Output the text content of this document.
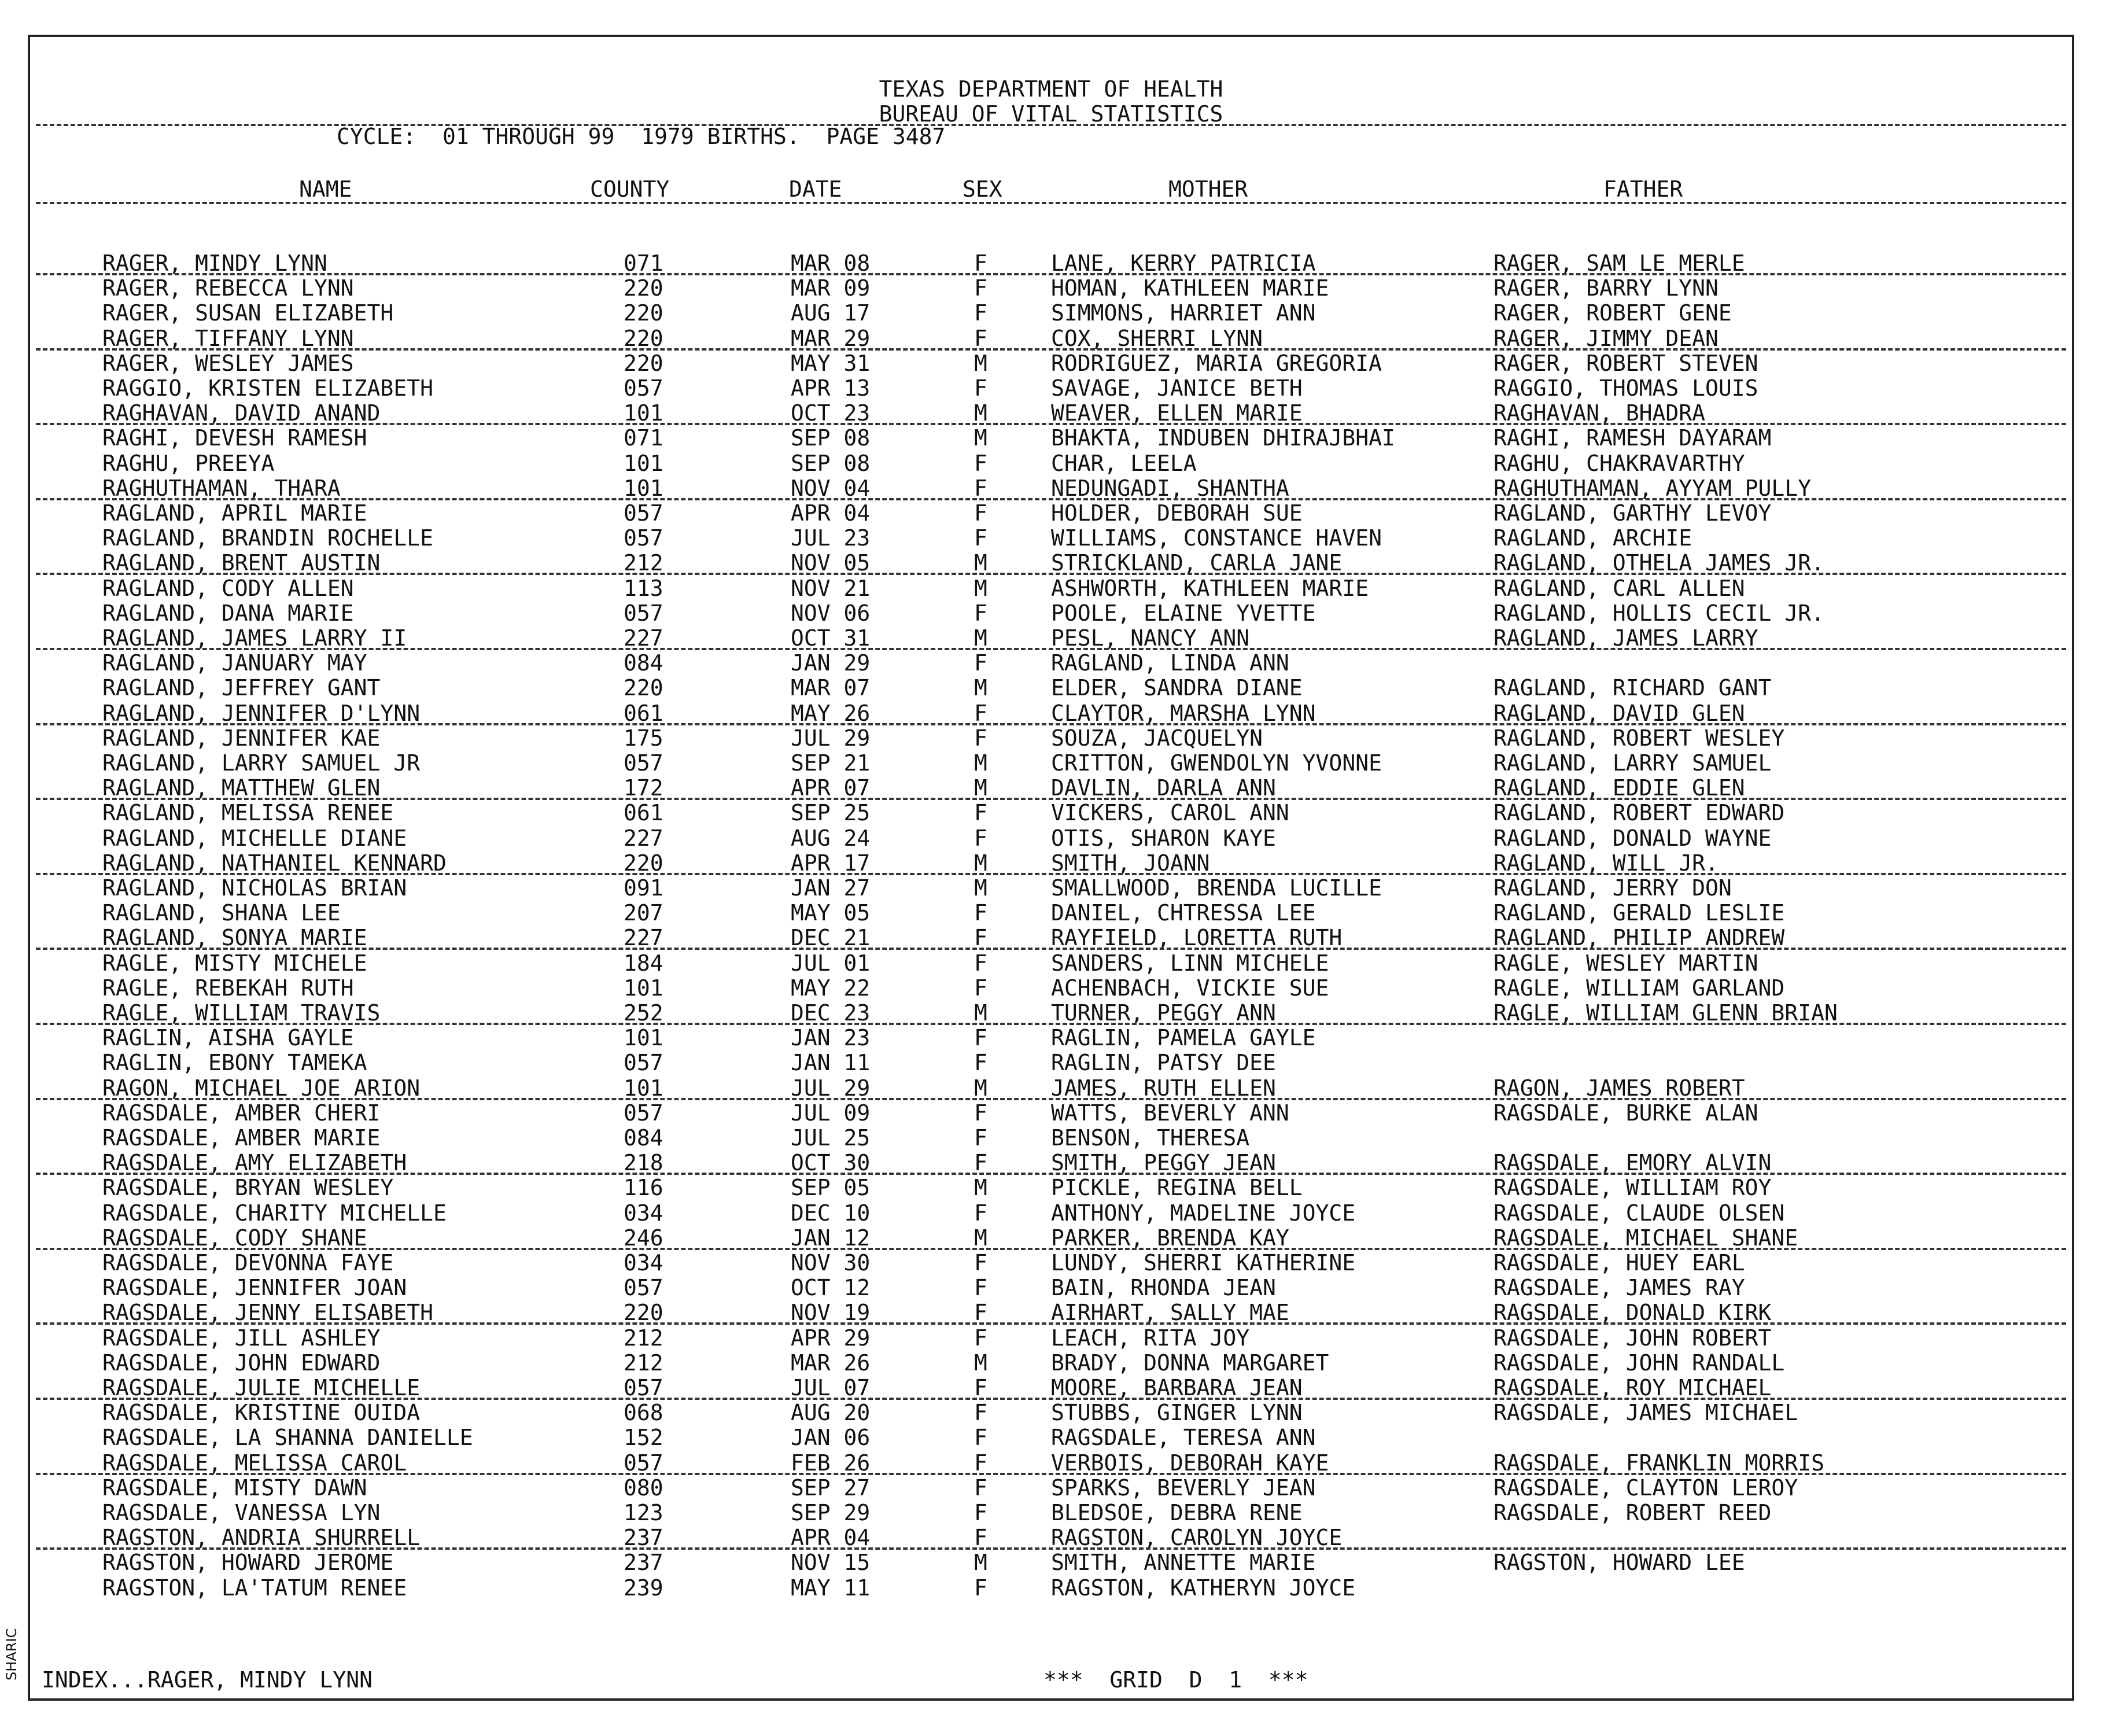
TEXAS DEPARTMENT OF HEALTH
BUREAU OF VITAL STATISTICS
CYCLE:  01 THROUGH 99  1979 BIRTHS.  PAGE 3487
NAME	COUNTY	DATE	SEX	MOTHER	FATHER
RAGER, MINDY LYNN	071	MAR 08	F	LANE, KERRY PATRICIA	RAGER, SAM LE MERLE
RAGER, REBECCA LYNN	220	MAR 09	F	HOMAN, KATHLEEN MARIE	RAGER, BARRY LYNN
RAGER, SUSAN ELIZABETH	220	AUG 17	F	SIMMONS, HARRIET ANN	RAGER, ROBERT GENE
RAGER, TIFFANY LYNN	220	MAR 29	F	COX, SHERRI LYNN	RAGER, JIMMY DEAN
RAGER, WESLEY JAMES	220	MAY 31	M	RODRIGUEZ, MARIA GREGORIA	RAGER, ROBERT STEVEN
RAGGIO, KRISTEN ELIZABETH	057	APR 13	F	SAVAGE, JANICE BETH	RAGGIO, THOMAS LOUIS
RAGHAVAN, DAVID ANAND	101	OCT 23	M	WEAVER, ELLEN MARIE	RAGHAVAN, BHADRA
RAGHI, DEVESH RAMESH	071	SEP 08	M	BHAKTA, INDUBEN DHIRAJBHAI	RAGHI, RAMESH DAYARAM
RAGHU, PREEYA	101	SEP 08	F	CHAR, LEELA	RAGHU, CHAKRAVARTHY
RAGHUTHAMAN, THARA	101	NOV 04	F	NEDUNGADI, SHANTHA	RAGHUTHAMAN, AYYAM PULLY
RAGLAND, APRIL MARIE	057	APR 04	F	HOLDER, DEBORAH SUE	RAGLAND, GARTHY LEVOY
RAGLAND, BRANDIN ROCHELLE	057	JUL 23	F	WILLIAMS, CONSTANCE HAVEN	RAGLAND, ARCHIE
RAGLAND, BRENT AUSTIN	212	NOV 05	M	STRICKLAND, CARLA JANE	RAGLAND, OTHELA JAMES JR.
RAGLAND, CODY ALLEN	113	NOV 21	M	ASHWORTH, KATHLEEN MARIE	RAGLAND, CARL ALLEN
RAGLAND, DANA MARIE	057	NOV 06	F	POOLE, ELAINE YVETTE	RAGLAND, HOLLIS CECIL JR.
RAGLAND, JAMES LARRY II	227	OCT 31	M	PESL, NANCY ANN	RAGLAND, JAMES LARRY
RAGLAND, JANUARY MAY	084	JAN 29	F	RAGLAND, LINDA ANN
RAGLAND, JEFFREY GANT	220	MAR 07	M	ELDER, SANDRA DIANE	RAGLAND, RICHARD GANT
RAGLAND, JENNIFER D'LYNN	061	MAY 26	F	CLAYTOR, MARSHA LYNN	RAGLAND, DAVID GLEN
RAGLAND, JENNIFER KAE	175	JUL 29	F	SOUZA, JACQUELYN	RAGLAND, ROBERT WESLEY
RAGLAND, LARRY SAMUEL JR	057	SEP 21	M	CRITTON, GWENDOLYN YVONNE	RAGLAND, LARRY SAMUEL
RAGLAND, MATTHEW GLEN	172	APR 07	M	DAVLIN, DARLA ANN	RAGLAND, EDDIE GLEN
RAGLAND, MELISSA RENEE	061	SEP 25	F	VICKERS, CAROL ANN	RAGLAND, ROBERT EDWARD
RAGLAND, MICHELLE DIANE	227	AUG 24	F	OTIS, SHARON KAYE	RAGLAND, DONALD WAYNE
RAGLAND, NATHANIEL KENNARD	220	APR 17	M	SMITH, JOANN	RAGLAND, WILL JR.
RAGLAND, NICHOLAS BRIAN	091	JAN 27	M	SMALLWOOD, BRENDA LUCILLE	RAGLAND, JERRY DON
RAGLAND, SHANA LEE	207	MAY 05	F	DANIEL, CHTRESSA LEE	RAGLAND, GERALD LESLIE
RAGLAND, SONYA MARIE	227	DEC 21	F	RAYFIELD, LORETTA RUTH	RAGLAND, PHILIP ANDREW
RAGLE, MISTY MICHELE	184	JUL 01	F	SANDERS, LINN MICHELE	RAGLE, WESLEY MARTIN
RAGLE, REBEKAH RUTH	101	MAY 22	F	ACHENBACH, VICKIE SUE	RAGLE, WILLIAM GARLAND
RAGLE, WILLIAM TRAVIS	252	DEC 23	M	TURNER, PEGGY ANN	RAGLE, WILLIAM GLENN BRIAN
RAGLIN, AISHA GAYLE	101	JAN 23	F	RAGLIN, PAMELA GAYLE
RAGLIN, EBONY TAMEKA	057	JAN 11	F	RAGLIN, PATSY DEE
RAGON, MICHAEL JOE ARION	101	JUL 29	M	JAMES, RUTH ELLEN	RAGON, JAMES ROBERT
RAGSDALE, AMBER CHERI	057	JUL 09	F	WATTS, BEVERLY ANN	RAGSDALE, BURKE ALAN
RAGSDALE, AMBER MARIE	084	JUL 25	F	BENSON, THERESA
RAGSDALE, AMY ELIZABETH	218	OCT 30	F	SMITH, PEGGY JEAN	RAGSDALE, EMORY ALVIN
RAGSDALE, BRYAN WESLEY	116	SEP 05	M	PICKLE, REGINA BELL	RAGSDALE, WILLIAM ROY
RAGSDALE, CHARITY MICHELLE	034	DEC 10	F	ANTHONY, MADELINE JOYCE	RAGSDALE, CLAUDE OLSEN
RAGSDALE, CODY SHANE	246	JAN 12	M	PARKER, BRENDA KAY	RAGSDALE, MICHAEL SHANE
RAGSDALE, DEVONNA FAYE	034	NOV 30	F	LUNDY, SHERRI KATHERINE	RAGSDALE, HUEY EARL
RAGSDALE, JENNIFER JOAN	057	OCT 12	F	BAIN, RHONDA JEAN	RAGSDALE, JAMES RAY
RAGSDALE, JENNY ELISABETH	220	NOV 19	F	AIRHART, SALLY MAE	RAGSDALE, DONALD KIRK
RAGSDALE, JILL ASHLEY	212	APR 29	F	LEACH, RITA JOY	RAGSDALE, JOHN ROBERT
RAGSDALE, JOHN EDWARD	212	MAR 26	M	BRADY, DONNA MARGARET	RAGSDALE, JOHN RANDALL
RAGSDALE, JULIE MICHELLE	057	JUL 07	F	MOORE, BARBARA JEAN	RAGSDALE, ROY MICHAEL
RAGSDALE, KRISTINE OUIDA	068	AUG 20	F	STUBBS, GINGER LYNN	RAGSDALE, JAMES MICHAEL
RAGSDALE, LA SHANNA DANIELLE	152	JAN 06	F	RAGSDALE, TERESA ANN
RAGSDALE, MELISSA CAROL	057	FEB 26	F	VERBOIS, DEBORAH KAYE	RAGSDALE, FRANKLIN MORRIS
RAGSDALE, MISTY DAWN	080	SEP 27	F	SPARKS, BEVERLY JEAN	RAGSDALE, CLAYTON LEROY
RAGSDALE, VANESSA LYN	123	SEP 29	F	BLEDSOE, DEBRA RENE	RAGSDALE, ROBERT REED
RAGSTON, ANDRIA SHURRELL	237	APR 04	F	RAGSTON, CAROLYN JOYCE
RAGSTON, HOWARD JEROME	237	NOV 15	M	SMITH, ANNETTE MARIE	RAGSTON, HOWARD LEE
RAGSTON, LA'TATUM RENEE	239	MAY 11	F	RAGSTON, KATHERYN JOYCE
INDEX...RAGER, MINDY LYNN	***  GRID  D  1  ***
SHARIC
